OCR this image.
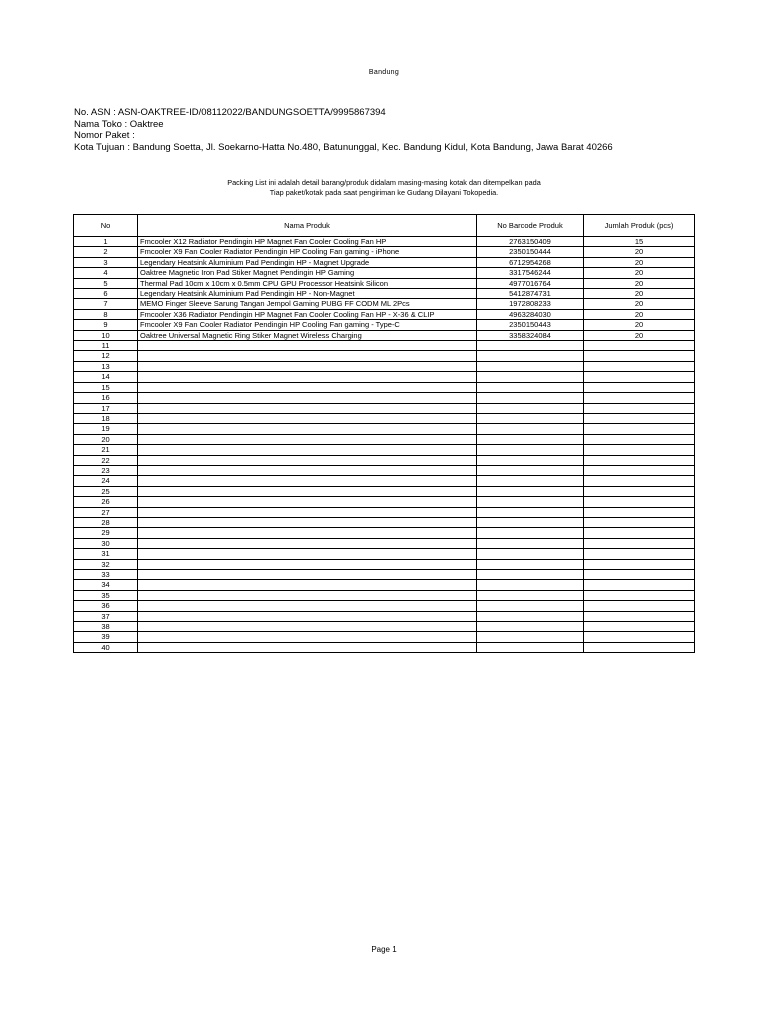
Bandung
No. ASN : ASN-OAKTREE-ID/08112022/BANDUNGSOETTA/9995867394
Nama Toko : Oaktree
Nomor Paket :
Kota Tujuan : Bandung Soetta, Jl. Soekarno-Hatta No.480, Batununggal, Kec. Bandung Kidul, Kota Bandung, Jawa Barat 40266
Packing List ini adalah detail barang/produk didalam masing-masing kotak dan ditempelkan pada
Tiap paket/kotak pada saat pengiriman ke Gudang Dilayani Tokopedia.
No	Nama Produk	No Barcode Produk	Jumlah Produk (pcs)

1	Fmcooler X12 Radiator Pendingin HP Magnet Fan Cooler Cooling Fan HP	2763150409	15
2	Fmcooler X9 Fan Cooler Radiator Pendingin HP Cooling Fan gaming - iPhone	2350150444	20
3	Legendary Heatsink Aluminium Pad Pendingin HP - Magnet Upgrade	6712954268	20
4	Oaktree Magnetic Iron Pad Stiker Magnet Pendingin HP Gaming	3317546244	20
5	Thermal Pad 10cm x 10cm x 0.5mm CPU GPU Processor Heatsink Silicon	4977016764	20
6	Legendary Heatsink Aluminium Pad Pendingin HP - Non-Magnet	5412874731	20
7	MEMO Finger Sleeve Sarung Tangan Jempol Gaming PUBG FF CODM ML 2Pcs	1972808233	20
8	Fmcooler X36 Radiator Pendingin HP Magnet Fan Cooler Cooling Fan HP - X-36 & CLIP	4963284030	20
9	Fmcooler X9 Fan Cooler Radiator Pendingin HP Cooling Fan gaming - Type-C	2350150443	20
10	Oaktree Universal Magnetic Ring Stiker Magnet Wireless Charging	3358324084	20
11			
12			
13			
14			
15			
16			
17			
18			
19			
20			
21			
22			
23			
24			
25			
26			
27			
28			
29			
30			
31			
32			
33			
34			
35			
36			
37			
38			
39			
40			
Page 1
